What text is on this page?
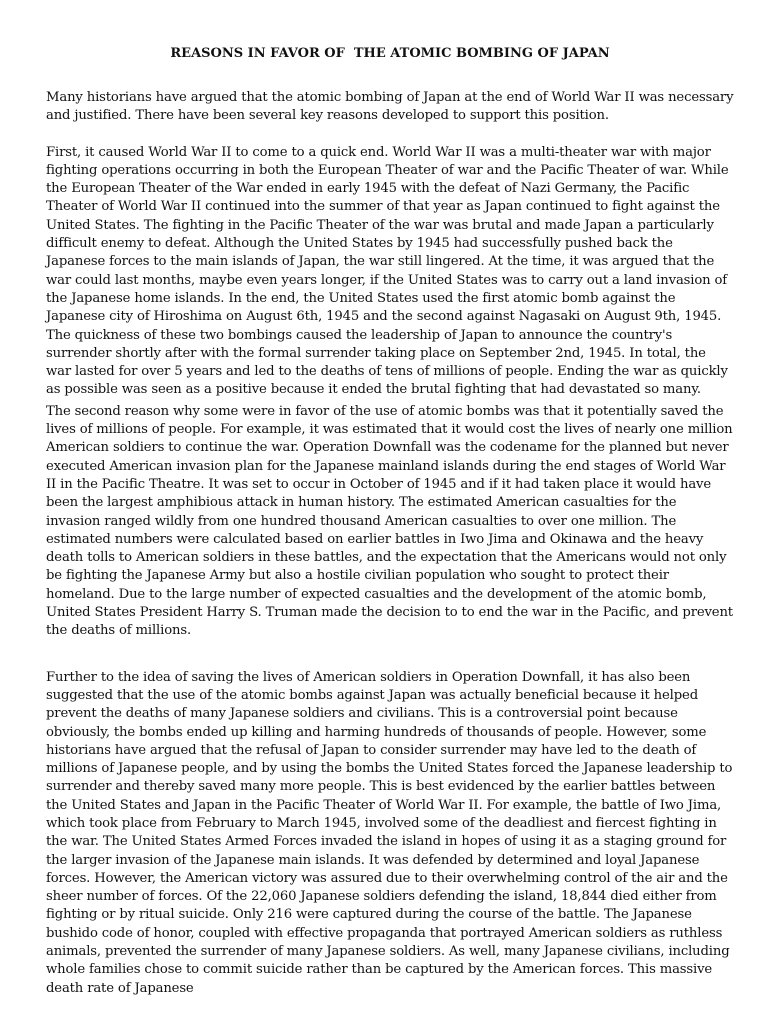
REASONS IN FAVOR OF  THE ATOMIC BOMBING OF JAPAN

Many historians have argued that the atomic bombing of Japan at the end of World War II was necessary and justified. There have been several key reasons developed to support this position.

First, it caused World War II to come to a quick end. World War II was a multi-theater war with major fighting operations occurring in both the European Theater of war and the Pacific Theater of war. While the European Theater of the War ended in early 1945 with the defeat of Nazi Germany, the Pacific Theater of World War II continued into the summer of that year as Japan continued to fight against the United States. The fighting in the Pacific Theater of the war was brutal and made Japan a particularly difficult enemy to defeat. Although the United States by 1945 had successfully pushed back the Japanese forces to the main islands of Japan, the war still lingered. At the time, it was argued that the war could last months, maybe even years longer, if the United States was to carry out a land invasion of the Japanese home islands. In the end, the United States used the first atomic bomb against the Japanese city of Hiroshima on August 6th, 1945 and the second against Nagasaki on August 9th, 1945. The quickness of these two bombings caused the leadership of Japan to announce the country's surrender shortly after with the formal surrender taking place on September 2nd, 1945. In total, the war lasted for over 5 years and led to the deaths of tens of millions of people. Ending the war as quickly as possible was seen as a positive because it ended the brutal fighting that had devastated so many.

The second reason why some were in favor of the use of atomic bombs was that it potentially saved the lives of millions of people. For example, it was estimated that it would cost the lives of nearly one million American soldiers to continue the war. Operation Downfall was the codename for the planned but never executed American invasion plan for the Japanese mainland islands during the end stages of World War II in the Pacific Theatre. It was set to occur in October of 1945 and if it had taken place it would have been the largest amphibious attack in human history. The estimated American casualties for the invasion ranged wildly from one hundred thousand American casualties to over one million. The estimated numbers were calculated based on earlier battles in Iwo Jima and Okinawa and the heavy death tolls to American soldiers in these battles, and the expectation that the Americans would not only be fighting the Japanese Army but also a hostile civilian population who sought to protect their homeland. Due to the large number of expected casualties and the development of the atomic bomb, United States President Harry S. Truman made the decision to to end the war in the Pacific, and prevent the deaths of millions.

Further to the idea of saving the lives of American soldiers in Operation Downfall, it has also been suggested that the use of the atomic bombs against Japan was actually beneficial because it helped prevent the deaths of many Japanese soldiers and civilians. This is a controversial point because obviously, the bombs ended up killing and harming hundreds of thousands of people. However, some historians have argued that the refusal of Japan to consider surrender may have led to the death of millions of Japanese people, and by using the bombs the United States forced the Japanese leadership to surrender and thereby saved many more people. This is best evidenced by the earlier battles between the United States and Japan in the Pacific Theater of World War II. For example, the battle of Iwo Jima, which took place from February to March 1945, involved some of the deadliest and fiercest fighting in the war. The United States Armed Forces invaded the island in hopes of using it as a staging ground for the larger invasion of the Japanese main islands. It was defended by determined and loyal Japanese forces. However, the American victory was assured due to their overwhelming control of the air and the sheer number of forces. Of the 22,060 Japanese soldiers defending the island, 18,844 died either from fighting or by ritual suicide. Only 216 were captured during the course of the battle. The Japanese bushido code of honor, coupled with effective propaganda that portrayed American soldiers as ruthless animals, prevented the surrender of many Japanese soldiers. As well, many Japanese civilians, including whole families chose to commit suicide rather than be captured by the American forces. This massive death rate of Japanese
